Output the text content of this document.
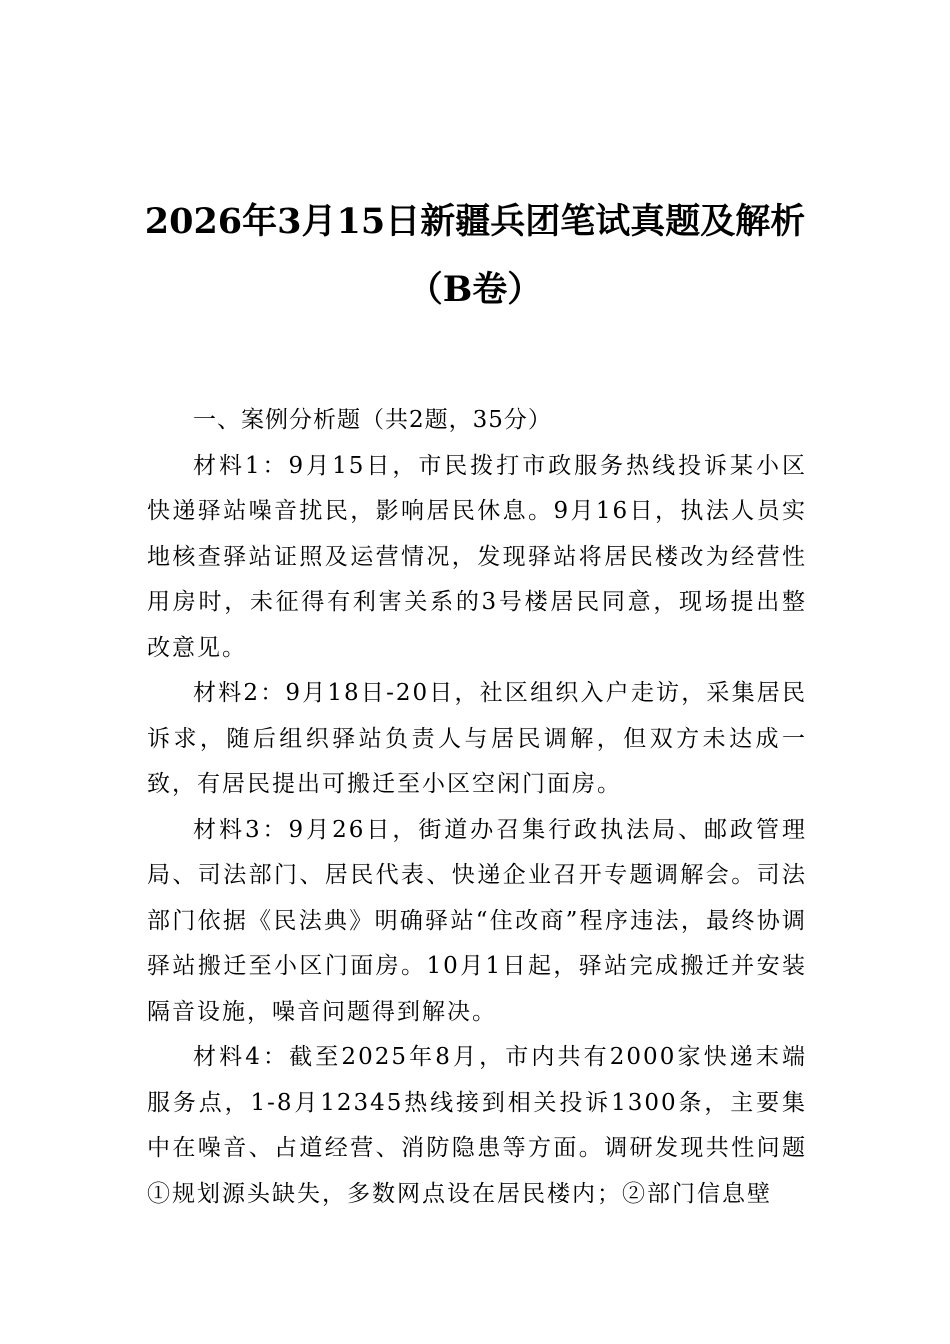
2026年3月15日新疆兵团笔试真题及解析
（B卷）

一、案例分析题（共2题，35分）

材料1：9月15日，市民拨打市政服务热线投诉某小区快递驿站噪音扰民，影响居民休息。9月16日，执法人员实地核查驿站证照及运营情况，发现驿站将居民楼改为经营性用房时，未征得有利害关系的3号楼居民同意，现场提出整改意见。

材料2：9月18日-20日，社区组织入户走访，采集居民诉求，随后组织驿站负责人与居民调解，但双方未达成一致，有居民提出可搬迁至小区空闲门面房。

材料3：9月26日，街道办召集行政执法局、邮政管理局、司法部门、居民代表、快递企业召开专题调解会。司法部门依据《民法典》明确驿站“住改商”程序违法，最终协调驿站搬迁至小区门面房。10月1日起，驿站完成搬迁并安装隔音设施，噪音问题得到解决。

材料4：截至2025年8月，市内共有2000家快递末端服务点，1-8月12345热线接到相关投诉1300条，主要集中在噪音、占道经营、消防隐患等方面。调研发现共性问题①规划源头缺失，多数网点设在居民楼内；②部门信息壁
